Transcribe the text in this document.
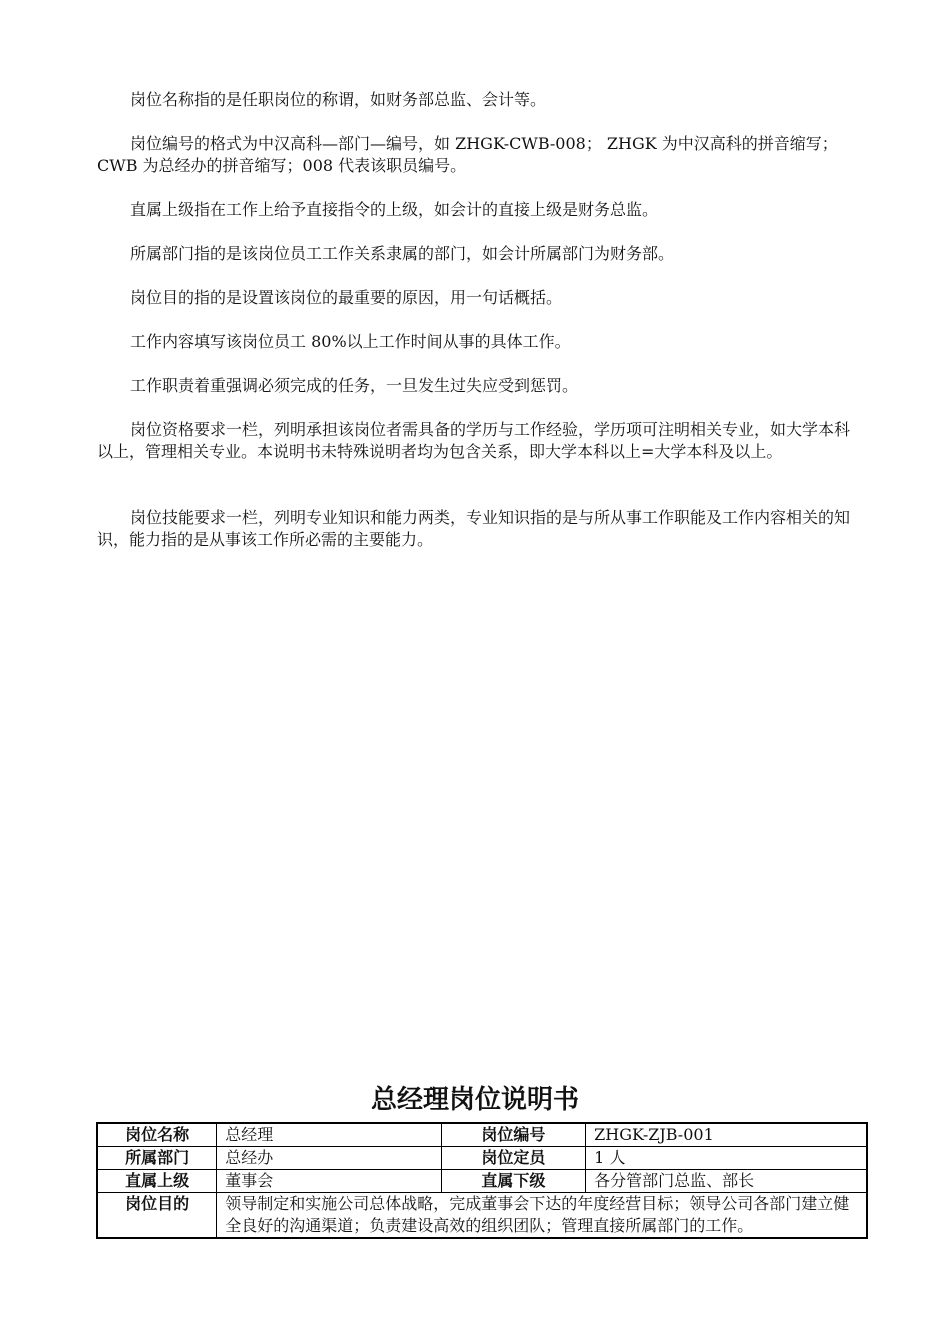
岗位名称指的是任职岗位的称谓，如财务部总监、会计等。

岗位编号的格式为中汉高科—部门—编号，如 ZHGK-CWB-008； ZHGK 为中汉高科的拼音缩写；CWB 为总经办的拼音缩写；008 代表该职员编号。

直属上级指在工作上给予直接指令的上级，如会计的直接上级是财务总监。

所属部门指的是该岗位员工工作关系隶属的部门，如会计所属部门为财务部。

岗位目的指的是设置该岗位的最重要的原因，用一句话概括。

工作内容填写该岗位员工 80%以上工作时间从事的具体工作。

工作职责着重强调必须完成的任务，一旦发生过失应受到惩罚。

岗位资格要求一栏，列明承担该岗位者需具备的学历与工作经验，学历项可注明相关专业，如大学本科以上，管理相关专业。本说明书未特殊说明者均为包含关系，即大学本科以上=大学本科及以上。

岗位技能要求一栏，列明专业知识和能力两类，专业知识指的是与所从事工作职能及工作内容相关的知识，能力指的是从事该工作所必需的主要能力。

总经理岗位说明书
岗位名称	总经理	岗位编号	ZHGK-ZJB-001
所属部门	总经办	岗位定员	1 人
直属上级	董事会	直属下级	各分管部门总监、部长
岗位目的	领导制定和实施公司总体战略，完成董事会下达的年度经营目标；领导公司各部门建立健全良好的沟通渠道；负责建设高效的组织团队；管理直接所属部门的工作。		
